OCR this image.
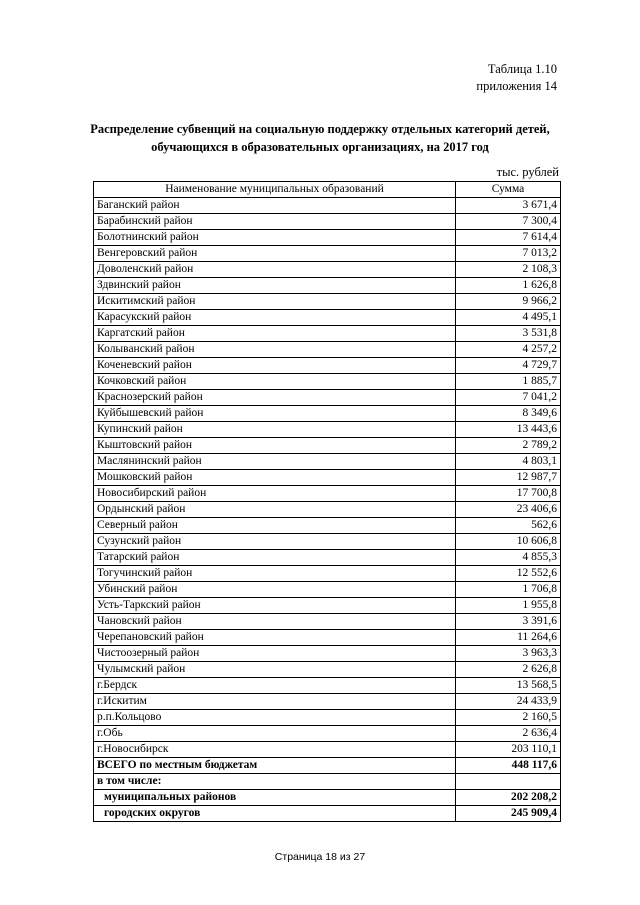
Таблица 1.10
приложения 14
Распределение субвенций на социальную поддержку отдельных категорий детей,
обучающихся в образовательных организациях, на 2017 год
тыс. рублей
Наименование муниципальных образований	Сумма
Баганский район	3 671,4
Барабинский район	7 300,4
Болотнинский район	7 614,4
Венгеровский район	7 013,2
Доволенский район	2 108,3
Здвинский район	1 626,8
Искитимский район	9 966,2
Карасукский район	4 495,1
Каргатский район	3 531,8
Колыванский район	4 257,2
Коченевский район	4 729,7
Кочковский район	1 885,7
Краснозерский район	7 041,2
Куйбышевский район	8 349,6
Купинский район	13 443,6
Кыштовский район	2 789,2
Маслянинский район	4 803,1
Мошковский район	12 987,7
Новосибирский район	17 700,8
Ордынский район	23 406,6
Северный район	562,6
Сузунский район	10 606,8
Татарский район	4 855,3
Тогучинский район	12 552,6
Убинский район	1 706,8
Усть-Таркский район	1 955,8
Чановский район	3 391,6
Черепановский район	11 264,6
Чистоозерный район	3 963,3
Чулымский район	2 626,8
г.Бердск	13 568,5
г.Искитим	24 433,9
р.п.Кольцово	2 160,5
г.Обь	2 636,4
г.Новосибирск	203 110,1
ВСЕГО по местным бюджетам	448 117,6
в том числе:	
муниципальных районов	202 208,2
городских округов	245 909,4
Страница 18 из 27
